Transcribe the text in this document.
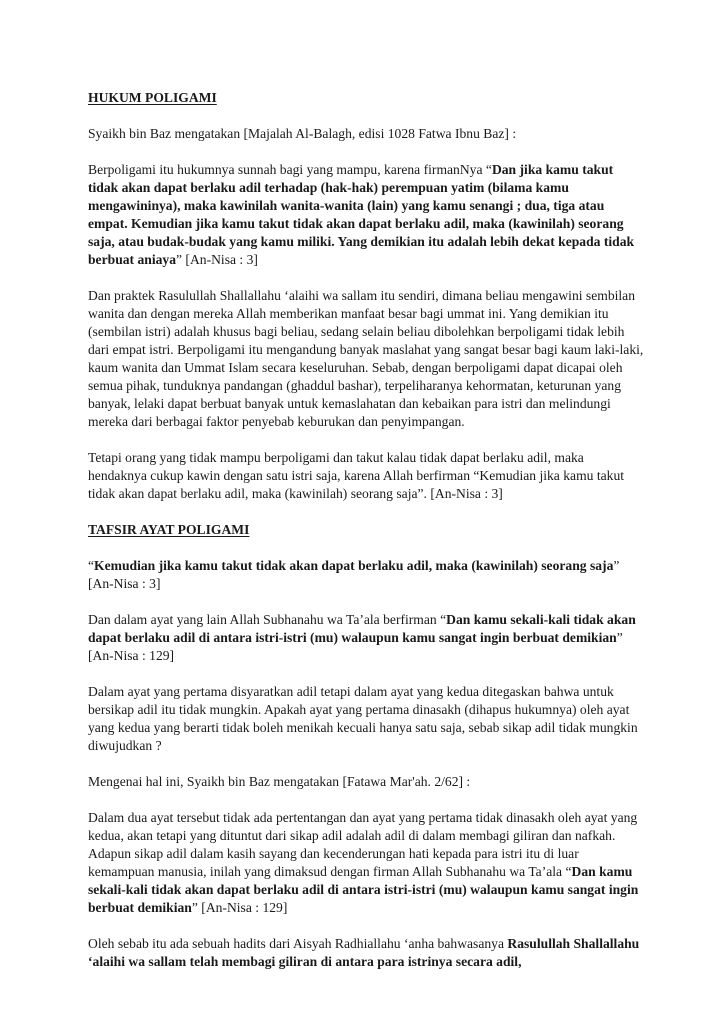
HUKUM POLIGAMI

Syaikh bin Baz mengatakan [Majalah Al-Balagh, edisi 1028 Fatwa Ibnu Baz] :

Berpoligami itu hukumnya sunnah bagi yang mampu, karena firmanNya “Dan jika kamu takut tidak akan dapat berlaku adil terhadap (hak-hak) perempuan yatim (bilama kamu mengawininya), maka kawinilah wanita-wanita (lain) yang kamu senangi ; dua, tiga atau empat. Kemudian jika kamu takut tidak akan dapat berlaku adil, maka (kawinilah) seorang saja, atau budak-budak yang kamu miliki. Yang demikian itu adalah lebih dekat kepada tidak berbuat aniaya” [An-Nisa : 3]

Dan praktek Rasulullah Shallallahu ‘alaihi wa sallam itu sendiri, dimana beliau mengawini sembilan wanita dan dengan mereka Allah memberikan manfaat besar bagi ummat ini. Yang demikian itu (sembilan istri) adalah khusus bagi beliau, sedang selain beliau dibolehkan berpoligami tidak lebih dari empat istri. Berpoligami itu mengandung banyak maslahat yang sangat besar bagi kaum laki-laki, kaum wanita dan Ummat Islam secara keseluruhan. Sebab, dengan berpoligami dapat dicapai oleh semua pihak, tunduknya pandangan (ghaddul bashar), terpeliharanya kehormatan, keturunan yang banyak, lelaki dapat berbuat banyak untuk kemaslahatan dan kebaikan para istri dan melindungi mereka dari berbagai faktor penyebab keburukan dan penyimpangan.

Tetapi orang yang tidak mampu berpoligami dan takut kalau tidak dapat berlaku adil, maka hendaknya cukup kawin dengan satu istri saja, karena Allah berfirman “Kemudian jika kamu takut tidak akan dapat berlaku adil, maka (kawinilah) seorang saja”. [An-Nisa : 3]

TAFSIR AYAT POLIGAMI

“Kemudian jika kamu takut tidak akan dapat berlaku adil, maka (kawinilah) seorang saja” [An-Nisa : 3]

Dan dalam ayat yang lain Allah Subhanahu wa Ta’ala berfirman “Dan kamu sekali-kali tidak akan dapat berlaku adil di antara istri-istri (mu) walaupun kamu sangat ingin berbuat demikian” [An-Nisa : 129]

Dalam ayat yang pertama disyaratkan adil tetapi dalam ayat yang kedua ditegaskan bahwa untuk bersikap adil itu tidak mungkin. Apakah ayat yang pertama dinasakh (dihapus hukumnya) oleh ayat yang kedua yang berarti tidak boleh menikah kecuali hanya satu saja, sebab sikap adil tidak mungkin diwujudkan ?

Mengenai hal ini, Syaikh bin Baz mengatakan [Fatawa Mar'ah. 2/62] :

Dalam dua ayat tersebut tidak ada pertentangan dan ayat yang pertama tidak dinasakh oleh ayat yang kedua, akan tetapi yang dituntut dari sikap adil adalah adil di dalam membagi giliran dan nafkah. Adapun sikap adil dalam kasih sayang dan kecenderungan hati kepada para istri itu di luar kemampuan manusia, inilah yang dimaksud dengan firman Allah Subhanahu wa Ta’ala “Dan kamu sekali-kali tidak akan dapat berlaku adil di antara istri-istri (mu) walaupun kamu sangat ingin berbuat demikian” [An-Nisa : 129]

Oleh sebab itu ada sebuah hadits dari Aisyah Radhiallahu ‘anha bahwasanya Rasulullah Shallallahu ‘alaihi wa sallam telah membagi giliran di antara para istrinya secara adil,
